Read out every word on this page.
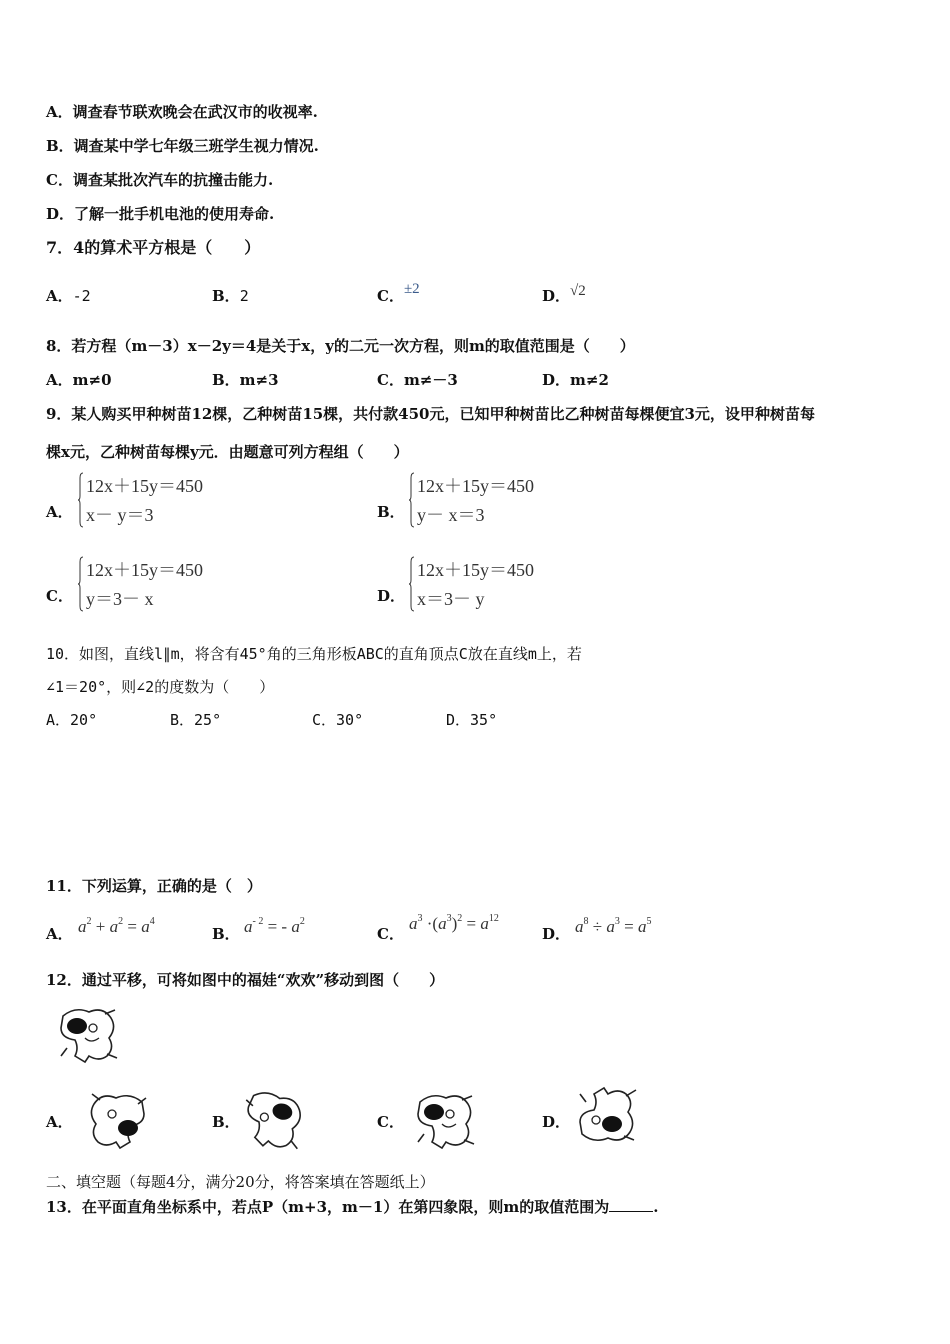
A．调查春节联欢晚会在武汉市的收视率.
B．调查某中学七年级三班学生视力情况.
C．调查某批次汽车的抗撞击能力.
D．了解一批手机电池的使用寿命.
7．4的算术平方根是（　　）
A．-2	B．2	C．±2	D．√2
8．若方程（m－3）x－2y＝4是关于x，y的二元一次方程，则m的取值范围是（　　）
A．m≠0	B．m≠3	C．m≠－3	D．m≠2
9．某人购买甲种树苗12棵，乙种树苗15棵，共付款450元，已知甲种树苗比乙种树苗每棵便宜3元，设甲种树苗每
棵x元，乙种树苗每棵y元．由题意可列方程组（　　）
A．
12x＋15y＝450
x－ y＝3	B．
12x＋15y＝450
y－ x＝3
C．
12x＋15y＝450
y＝3－ x	D．
12x＋15y＝450
x＝3－ y
10．如图，直线l∥m，将含有45°角的三角形板ABC的直角顶点C放在直线m上，若
∠1＝20°，则∠2的度数为（　　）
A．20°	B．25°	C．30°	D．35°
11．下列运算，正确的是（　）
A． $a^2 + a^2 = a^4$
B． $a^{- 2}$ = - $a^2$
C．
$a^3 \cdot(a^3)^2 = a^{12}$
D． $a^8 \div a^3 = a^5$
12．通过平移，可将如图中的福娃“欢欢”移动到图（　　）
A．	B．	C．	D．
二、填空题（每题4分，满分20分，将答案填在答题纸上）
13．在平面直角坐标系中，若点P（m+3，m－1）在第四象限，则m的取值范围为	.
